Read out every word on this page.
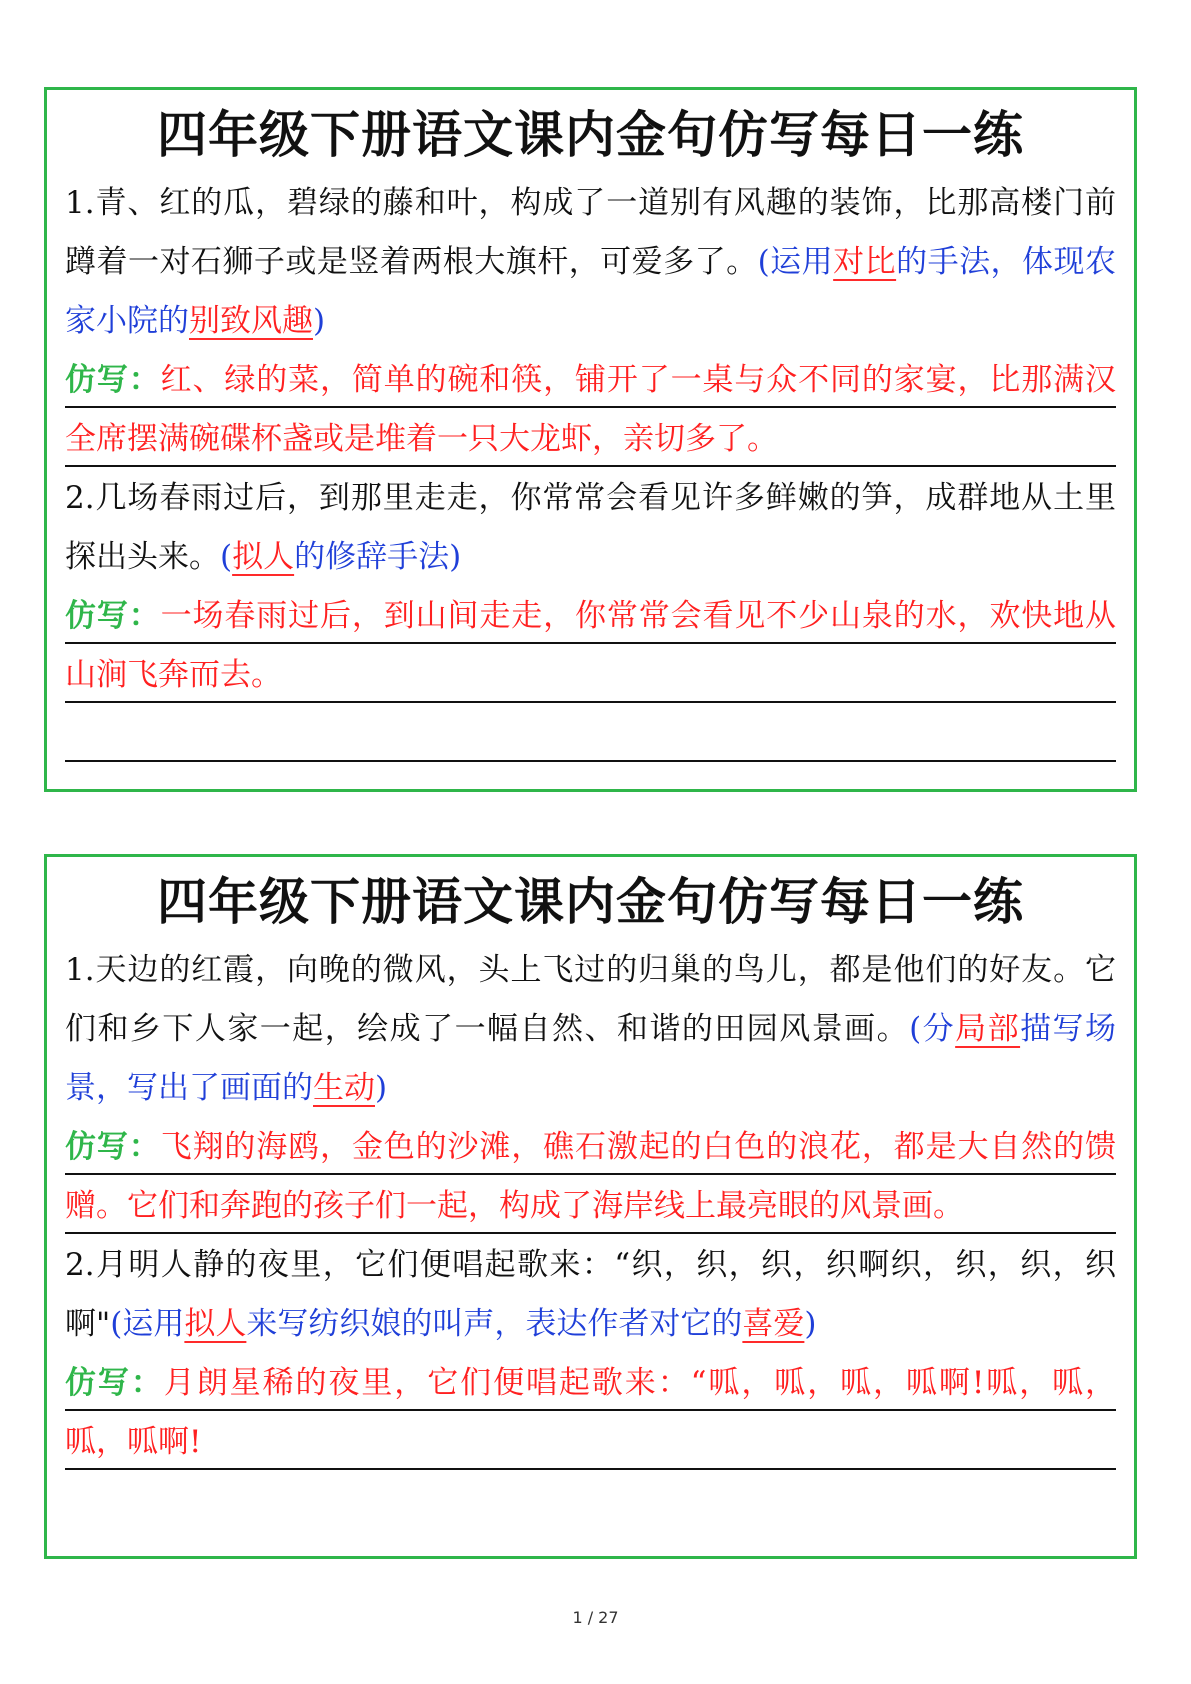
四年级下册语文课内金句仿写每日一练
1.青、红的瓜，碧绿的藤和叶，构成了一道别有风趣的装饰，比那高楼门前蹲着一对石狮子或是竖着两根大旗杆，可爱多了。(运用对比的手法，体现农家小院的别致风趣)
仿写：红、绿的菜，简单的碗和筷，铺开了一桌与众不同的家宴，比那满汉全席摆满碗碟杯盏或是堆着一只大龙虾，亲切多了。
2.几场春雨过后，到那里走走，你常常会看见许多鲜嫩的笋，成群地从土里探出头来。(拟人的修辞手法)
仿写：一场春雨过后，到山间走走，你常常会看见不少山泉的水，欢快地从山涧飞奔而去。
四年级下册语文课内金句仿写每日一练
1.天边的红霞，向晚的微风，头上飞过的归巢的鸟儿，都是他们的好友。它们和乡下人家一起，绘成了一幅自然、和谐的田园风景画。(分局部描写场景，写出了画面的生动)
仿写：飞翔的海鸥，金色的沙滩，礁石激起的白色的浪花，都是大自然的馈赠。它们和奔跑的孩子们一起，构成了海岸线上最亮眼的风景画。
2.月明人静的夜里，它们便唱起歌来：“织，织，织，织啊织，织，织，织啊"(运用拟人来写纺织娘的叫声，表达作者对它的喜爱)
仿写：月朗星稀的夜里，它们便唱起歌来：“呱，呱，呱，呱啊!呱，呱，呱，呱啊!
1 / 27
